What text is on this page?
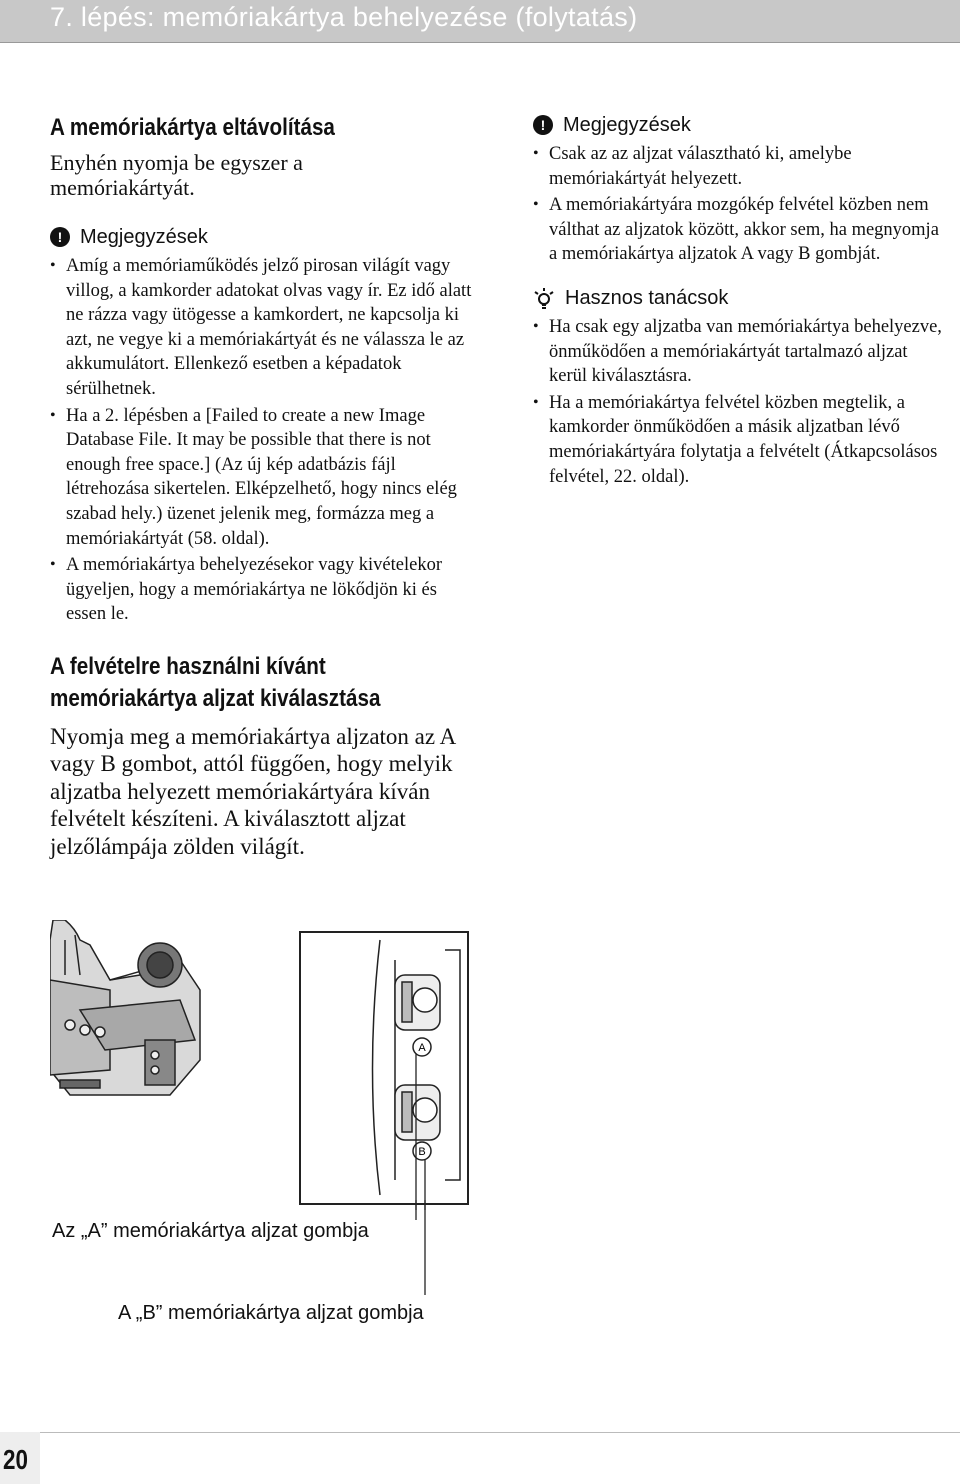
7. lépés: memóriakártya behelyezése (folytatás)
A memóriakártya eltávolítása

Enyhén nyomja be egyszer a memóriakártyát.

! Megjegyzések
• Amíg a memóriaműködés jelző pirosan világít vagy villog, a kamkorder adatokat olvas vagy ír. Ez idő alatt ne rázza vagy ütögesse a kamkordert, ne kapcsolja ki azt, ne vegye ki a memóriakártyát és ne válassza le az akkumulátort. Ellenkező esetben a képadatok sérülhetnek.
• Ha a 2. lépésben a [Failed to create a new Image Database File. It may be possible that there is not enough free space.] (Az új kép adatbázis fájl létrehozása sikertelen. Elképzelhető, hogy nincs elég szabad hely.) üzenet jelenik meg, formázza meg a memóriakártyát (58. oldal).
• A memóriakártya behelyezésekor vagy kivételekor ügyeljen, hogy a memóriakártya ne lökődjön ki és essen le.
A felvételre használni kívánt
memóriakártya aljzat kiválasztása

Nyomja meg a memóriakártya aljzaton az A vagy B gombot, attól függően, hogy melyik aljzatba helyezett memóriakártyára kíván felvételt készíteni. A kiválasztott aljzat jelzőlámpája zölden világít.

! Megjegyzések
• Csak az az aljzat választható ki, amelybe memóriakártyát helyezett.
• A memóriakártyára mozgókép felvétel közben nem válthat az aljzatok között, akkor sem, ha megnyomja a memóriakártya aljzatok A vagy B gombját.
Hasznos tanácsok
• Ha csak egy aljzatba van memóriakártya behelyezve, önműködően a memóriakártyát tartalmazó aljzat kerül kiválasztásra.
• Ha a memóriakártya felvétel közben megtelik, a kamkorder önműködően a másik aljzatban lévő memóriakártyára folytatja a felvételt (Átkapcsolásos felvétel, 22. oldal).
A
B
Az „A” memóriakártya aljzat gombja
A „B” memóriakártya aljzat gombja
20
